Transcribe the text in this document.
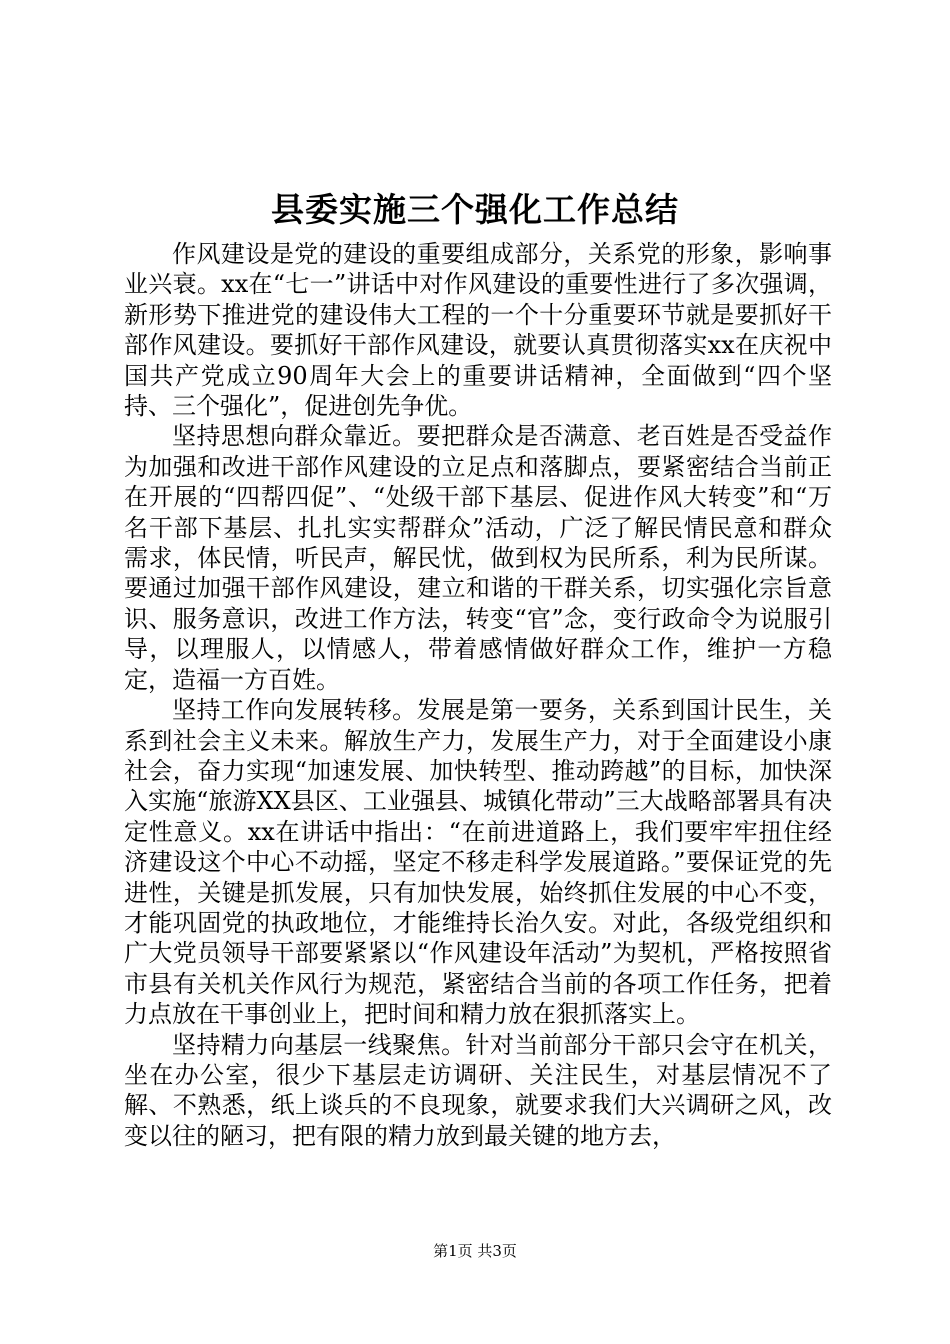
县委实施三个强化工作总结

作风建设是党的建设的重要组成部分，关系党的形象，影响事业兴衰。xx在“七一”讲话中对作风建设的重要性进行了多次强调，新形势下推进党的建设伟大工程的一个十分重要环节就是要抓好干部作风建设。要抓好干部作风建设，就要认真贯彻落实xx在庆祝中国共产党成立90周年大会上的重要讲话精神，全面做到“四个坚持、三个强化”，促进创先争优。

坚持思想向群众靠近。要把群众是否满意、老百姓是否受益作为加强和改进干部作风建设的立足点和落脚点，要紧密结合当前正在开展的“四帮四促”、“处级干部下基层、促进作风大转变”和“万名干部下基层、扎扎实实帮群众”活动，广泛了解民情民意和群众需求，体民情，听民声，解民忧，做到权为民所系，利为民所谋。要通过加强干部作风建设，建立和谐的干群关系，切实强化宗旨意识、服务意识，改进工作方法，转变“官”念，变行政命令为说服引导，以理服人，以情感人，带着感情做好群众工作，维护一方稳定，造福一方百姓。

坚持工作向发展转移。发展是第一要务，关系到国计民生，关系到社会主义未来。解放生产力，发展生产力，对于全面建设小康社会，奋力实现“加速发展、加快转型、推动跨越”的目标，加快深入实施“旅游XX县区、工业强县、城镇化带动”三大战略部署具有决定性意义。xx在讲话中指出：“在前进道路上，我们要牢牢扭住经济建设这个中心不动摇，坚定不移走科学发展道路。”要保证党的先进性，关键是抓发展，只有加快发展，始终抓住发展的中心不变，才能巩固党的执政地位，才能维持长治久安。对此，各级党组织和广大党员领导干部要紧紧以“作风建设年活动”为契机，严格按照省市县有关机关作风行为规范，紧密结合当前的各项工作任务，把着力点放在干事创业上，把时间和精力放在狠抓落实上。

坚持精力向基层一线聚焦。针对当前部分干部只会守在机关，坐在办公室，很少下基层走访调研、关注民生，对基层情况不了解、不熟悉，纸上谈兵的不良现象，就要求我们大兴调研之风，改变以往的陋习，把有限的精力放到最关键的地方去，

第1页 共3页
